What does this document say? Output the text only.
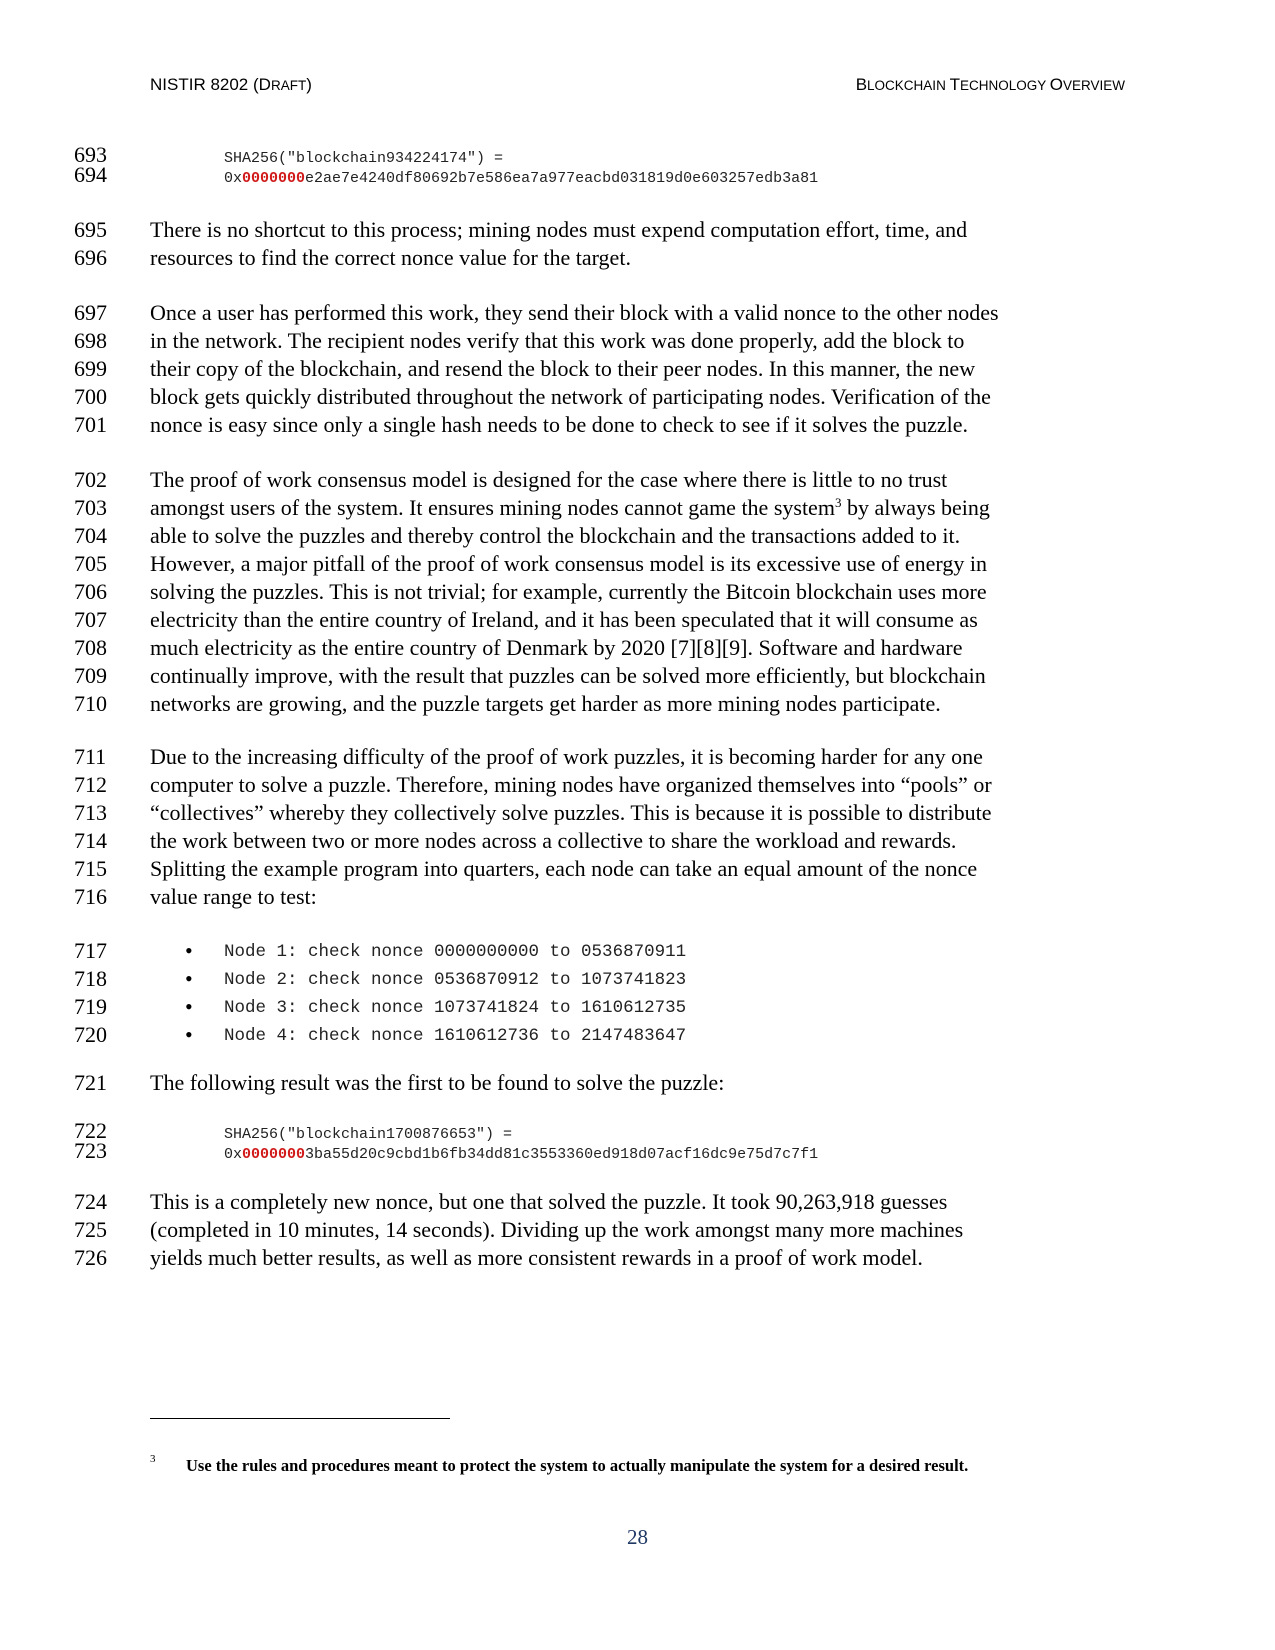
NISTIR 8202 (DRAFT)	BLOCKCHAIN TECHNOLOGY OVERVIEW
693
694
SHA256("blockchain934224174") =
0x0000000e2ae7e4240df80692b7e586ea7a977eacbd031819d0e603257edb3a81
695
696
There is no shortcut to this process; mining nodes must expend computation effort, time, and
resources to find the correct nonce value for the target.
697
698
699
700
701
Once a user has performed this work, they send their block with a valid nonce to the other nodes
in the network. The recipient nodes verify that this work was done properly, add the block to
their copy of the blockchain, and resend the block to their peer nodes. In this manner, the new
block gets quickly distributed throughout the network of participating nodes. Verification of the
nonce is easy since only a single hash needs to be done to check to see if it solves the puzzle.
702
703
704
705
706
707
708
709
710
The proof of work consensus model is designed for the case where there is little to no trust
amongst users of the system. It ensures mining nodes cannot game the system$^3$ by always being
able to solve the puzzles and thereby control the blockchain and the transactions added to it.
However, a major pitfall of the proof of work consensus model is its excessive use of energy in
solving the puzzles. This is not trivial; for example, currently the Bitcoin blockchain uses more
electricity than the entire country of Ireland, and it has been speculated that it will consume as
much electricity as the entire country of Denmark by 2020 [7][8][9]. Software and hardware
continually improve, with the result that puzzles can be solved more efficiently, but blockchain
networks are growing, and the puzzle targets get harder as more mining nodes participate.
711
712
713
714
715
716
Due to the increasing difficulty of the proof of work puzzles, it is becoming harder for any one
computer to solve a puzzle. Therefore, mining nodes have organized themselves into “pools” or
“collectives” whereby they collectively solve puzzles. This is because it is possible to distribute
the work between two or more nodes across a collective to share the workload and rewards.
Splitting the example program into quarters, each node can take an equal amount of the nonce
value range to test:
717
718
719
720
•
•
•
•
Node 1: check nonce 0000000000 to 0536870911
Node 2: check nonce 0536870912 to 1073741823
Node 3: check nonce 1073741824 to 1610612735
Node 4: check nonce 1610612736 to 2147483647
721 The following result was the first to be found to solve the puzzle:
722
723
SHA256("blockchain1700876653") =
0x00000003ba55d20c9cbd1b6fb34dd81c3553360ed918d07acf16dc9e75d7c7f1
724
725
726
This is a completely new nonce, but one that solved the puzzle. It took 90,263,918 guesses
(completed in 10 minutes, 14 seconds). Dividing up the work amongst many more machines
yields much better results, as well as more consistent rewards in a proof of work model.
3 Use the rules and procedures meant to protect the system to actually manipulate the system for a desired result.
28
